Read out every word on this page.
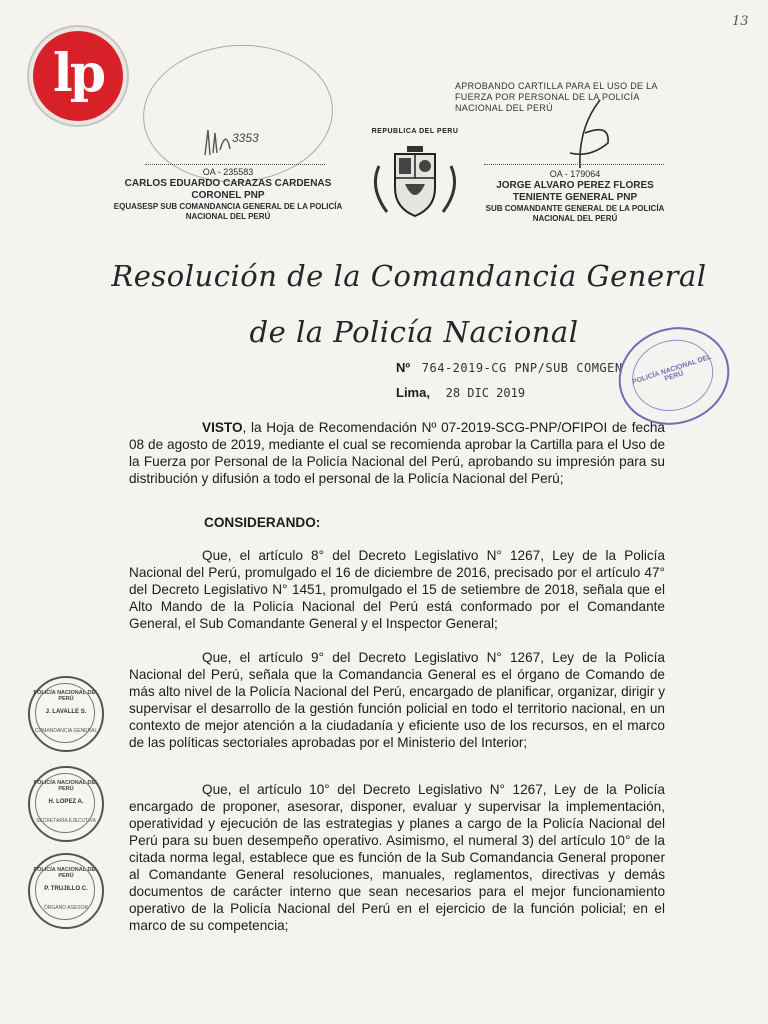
13
lp
3353
OA - 235583
CARLOS EDUARDO CARAZAS CARDENAS
CORONEL PNP
EQUASESP SUB COMANDANCIA GENERAL DE LA POLICÍA NACIONAL DEL PERÚ
REPUBLICA DEL PERU
APROBANDO CARTILLA PARA EL USO DE LA FUERZA POR PERSONAL DE LA POLICÍA NACIONAL DEL PERÚ
OA - 179064
JORGE ALVARO PEREZ FLORES
TENIENTE GENERAL PNP
SUB COMANDANTE GENERAL DE LA POLICÍA NACIONAL DEL PERÚ
Resolución de la Comandancia General
de la Policía Nacional
Nº 764-2019-CG PNP/SUB COMGEN
Lima, 28 DIC 2019
POLICÍA NACIONAL DEL PERÚ

VISTO, la Hoja de Recomendación Nº 07-2019-SCG-PNP/OFIPOI de fecha 08 de agosto de 2019, mediante el cual se recomienda aprobar la Cartilla para el Uso de la Fuerza por Personal de la Policía Nacional del Perú, aprobando su impresión para su distribución y difusión a todo el personal de la Policía Nacional del Perú;

CONSIDERANDO:

Que, el artículo 8° del Decreto Legislativo N° 1267, Ley de la Policía Nacional del Perú, promulgado el 16 de diciembre de 2016, precisado por el artículo 47° del Decreto Legislativo N° 1451, promulgado el 15 de setiembre de 2018, señala que el Alto Mando de la Policía Nacional del Perú está conformado por el Comandante General, el Sub Comandante General y el Inspector General;

Que, el artículo 9° del Decreto Legislativo N° 1267, Ley de la Policía Nacional del Perú, señala que la Comandancia General es el órgano de Comando de más alto nivel de la Policía Nacional del Perú, encargado de planificar, organizar, dirigir y supervisar el desarrollo de la gestión función policial en todo el territorio nacional, en un contexto de mejor atención a la ciudadanía y eficiente uso de los recursos, en el marco de las políticas sectoriales aprobadas por el Ministerio del Interior;

Que, el artículo 10° del Decreto Legislativo N° 1267, Ley de la Policía encargado de proponer, asesorar, disponer, evaluar y supervisar la implementación, operatividad y ejecución de las estrategias y planes a cargo de la Policía Nacional del Perú para su buen desempeño operativo. Asimismo, el numeral 3) del artículo 10° de la citada norma legal, establece que es función de la Sub Comandancia General proponer al Comandante General resoluciones, manuales, reglamentos, directivas y demás documentos de carácter interno que sean necesarios para el mejor funcionamiento operativo de la Policía Nacional del Perú en el ejercicio de la función policial; en el marco de su competencia;

POLICÍA NACIONAL DEL PERÚ
J. LAVALLE S.
COMANDANCIA GENERAL
POLICÍA NACIONAL DEL PERÚ
H. LOPEZ A.
SECRETARÍA EJECUTIVA
POLICÍA NACIONAL DEL PERÚ
P. TRUJILLO C.
ÓRGANO ASESOR
